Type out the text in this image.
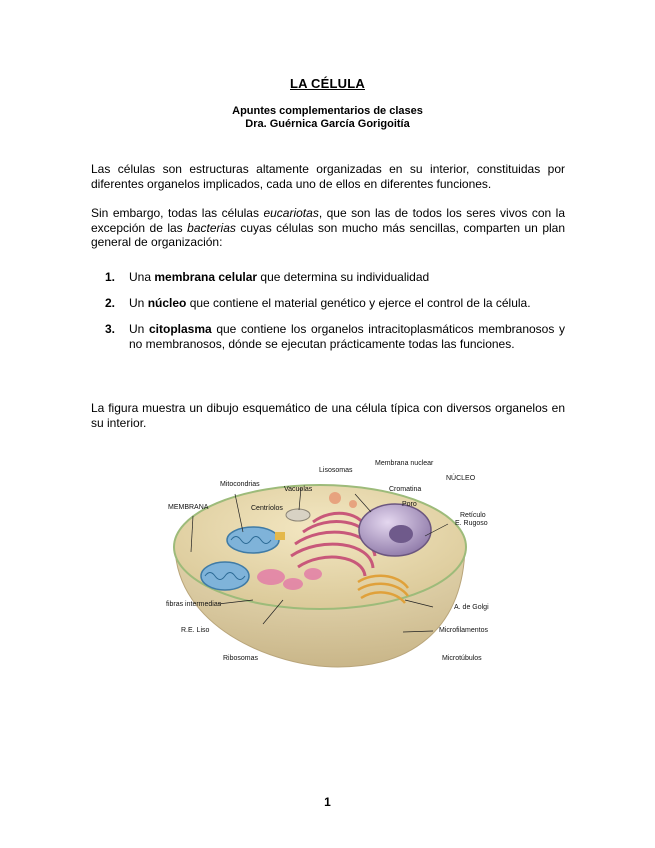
LA CÉLULA
Apuntes complementarios de clases
Dra. Guérnica García Gorigoitía
Las células son estructuras altamente organizadas en su interior, constituidas por diferentes organelos implicados, cada uno de ellos en diferentes funciones.
Sin embargo, todas las células eucariotas, que son las de todos los seres vivos con la excepción de las bacterias cuyas células son mucho más sencillas, comparten un plan general de organización:
1.	Una membrana celular que determina su individualidad
2.	Un núcleo que contiene el material genético y ejerce el control de la célula.
3.	Un citoplasma que contiene los organelos intracitoplasmáticos membranosos y no membranosos, dónde se ejecutan prácticamente todas las funciones.
La figura muestra un dibujo esquemático de una célula típica con diversos organelos en su interior.
Lisosomas
Membrana nuclear
NÚCLEO
Mitocondrias
Vacuolas	Cromatina
MEMBRANA	Centríolos
Poro
Retículo
E. Rugoso
fibras intermedias	A. de Golgi
R.E. Liso	Microfilamentos
Ribosomas	Microtúbulos
1
